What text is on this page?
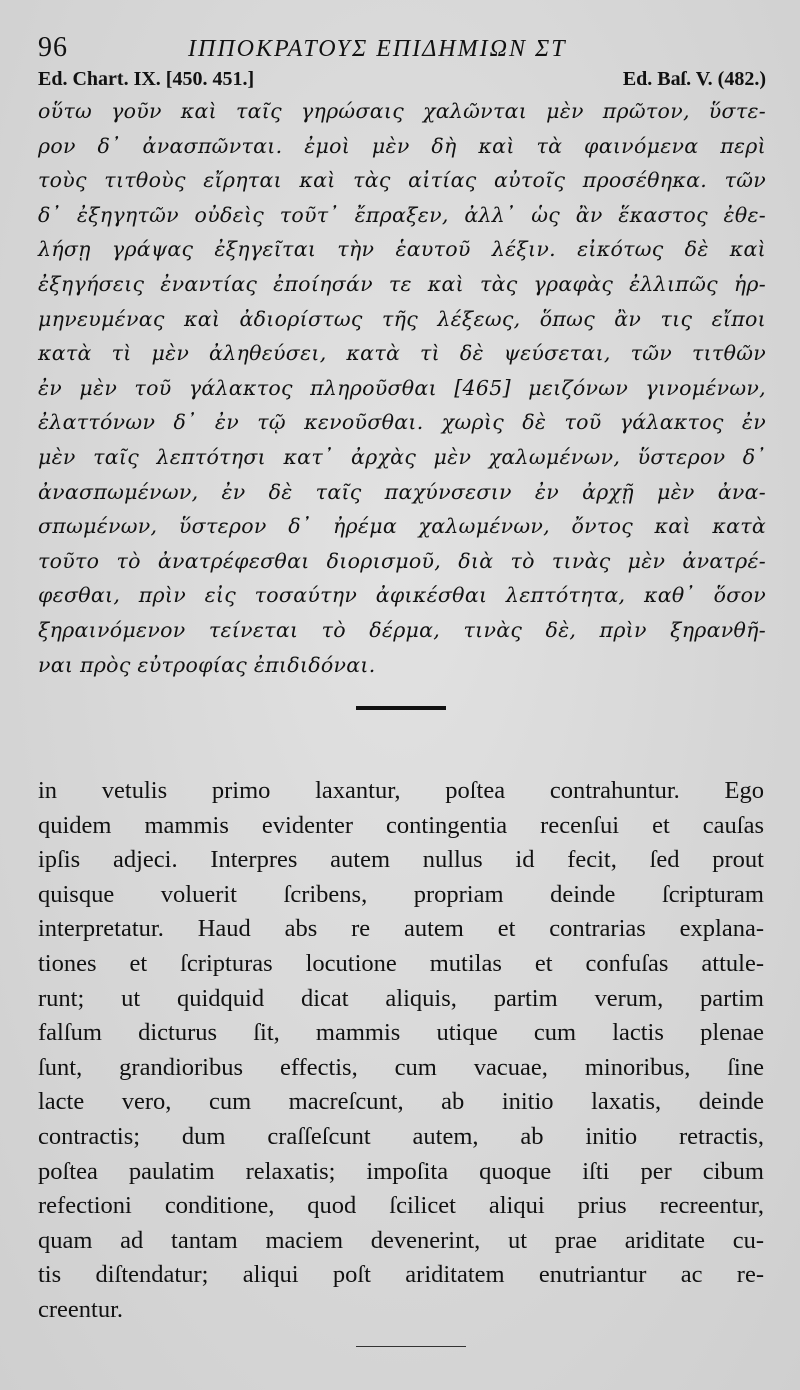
96	ΙΠΠΟΚΡΑΤΟΥΣ ΕΠΙΔΗΜΙΩΝ ΣΤ
Ed. Chart. IX. [450. 451.]	Ed. Baſ. V. (482.)
οὕτω γοῦν καὶ ταῖς γηρώσαις χαλῶνται μὲν πρῶτον, ὕστε-
ρον δ᾽ ἀνασπῶνται. ἐμοὶ μὲν δὴ καὶ τὰ φαινόμενα περὶ
τοὺς τιτθοὺς εἴρηται καὶ τὰς αἰτίας αὐτοῖς προσέθηκα. τῶν
δ᾽ ἐξηγητῶν οὐδεὶς τοῦτ᾽ ἔπραξεν, ἀλλ᾽ ὡς ἂν ἕκαστος ἐθε-
λήσῃ γράψας ἐξηγεῖται τὴν ἑαυτοῦ λέξιν. εἰκότως δὲ καὶ
ἐξηγήσεις ἐναντίας ἐποίησάν τε καὶ τὰς γραφὰς ἐλλιπῶς ἡρ-
μηνευμένας καὶ ἀδιορίστως τῆς λέξεως, ὅπως ἂν τις εἴποι
κατὰ τὶ μὲν ἀληθεύσει, κατὰ τὶ δὲ ψεύσεται, τῶν τιτθῶν
ἐν μὲν τοῦ γάλακτος πληροῦσθαι [465] μειζόνων γινομένων,
ἐλαττόνων δ᾽ ἐν τῷ κενοῦσθαι. χωρὶς δὲ τοῦ γάλακτος ἐν
μὲν ταῖς λεπτότησι κατ᾽ ἀρχὰς μὲν χαλωμένων, ὕστερον δ᾽
ἀνασπωμένων, ἐν δὲ ταῖς παχύνσεσιν ἐν ἀρχῇ μὲν ἀνα-
σπωμένων, ὕστερον δ᾽ ἠρέμα χαλωμένων, ὄντος καὶ κατὰ
τοῦτο τὸ ἀνατρέφεσθαι διορισμοῦ, διὰ τὸ τινὰς μὲν ἀνατρέ-
φεσθαι, πρὶν εἰς τοσαύτην ἀφικέσθαι λεπτότητα, καθ᾽ ὅσον
ξηραινόμενον τείνεται τὸ δέρμα, τινὰς δὲ, πρὶν ξηρανθῆ-
ναι πρὸς εὐτροφίας ἐπιδιδόναι.
in vetulis primo laxantur, poſtea contrahuntur. Ego
quidem mammis evidenter contingentia recenſui et cauſas
ipſis adjeci. Interpres autem nullus id fecit, ſed prout
quisque voluerit ſcribens, propriam deinde ſcripturam
interpretatur. Haud abs re autem et contrarias explana-
tiones et ſcripturas locutione mutilas et confuſas attule-
runt; ut quidquid dicat aliquis, partim verum, partim
falſum dicturus ſit, mammis utique cum lactis plenae
ſunt, grandioribus effectis, cum vacuae, minoribus, ſine
lacte vero, cum macreſcunt, ab initio laxatis, deinde
contractis; dum craſſeſcunt autem, ab initio retractis,
poſtea paulatim relaxatis; impoſita quoque iſti per cibum
refectioni conditione, quod ſcilicet aliqui prius recreentur,
quam ad tantam maciem devenerint, ut prae ariditate cu-
tis diſtendatur; aliqui poſt ariditatem enutriantur ac re-
creentur.
